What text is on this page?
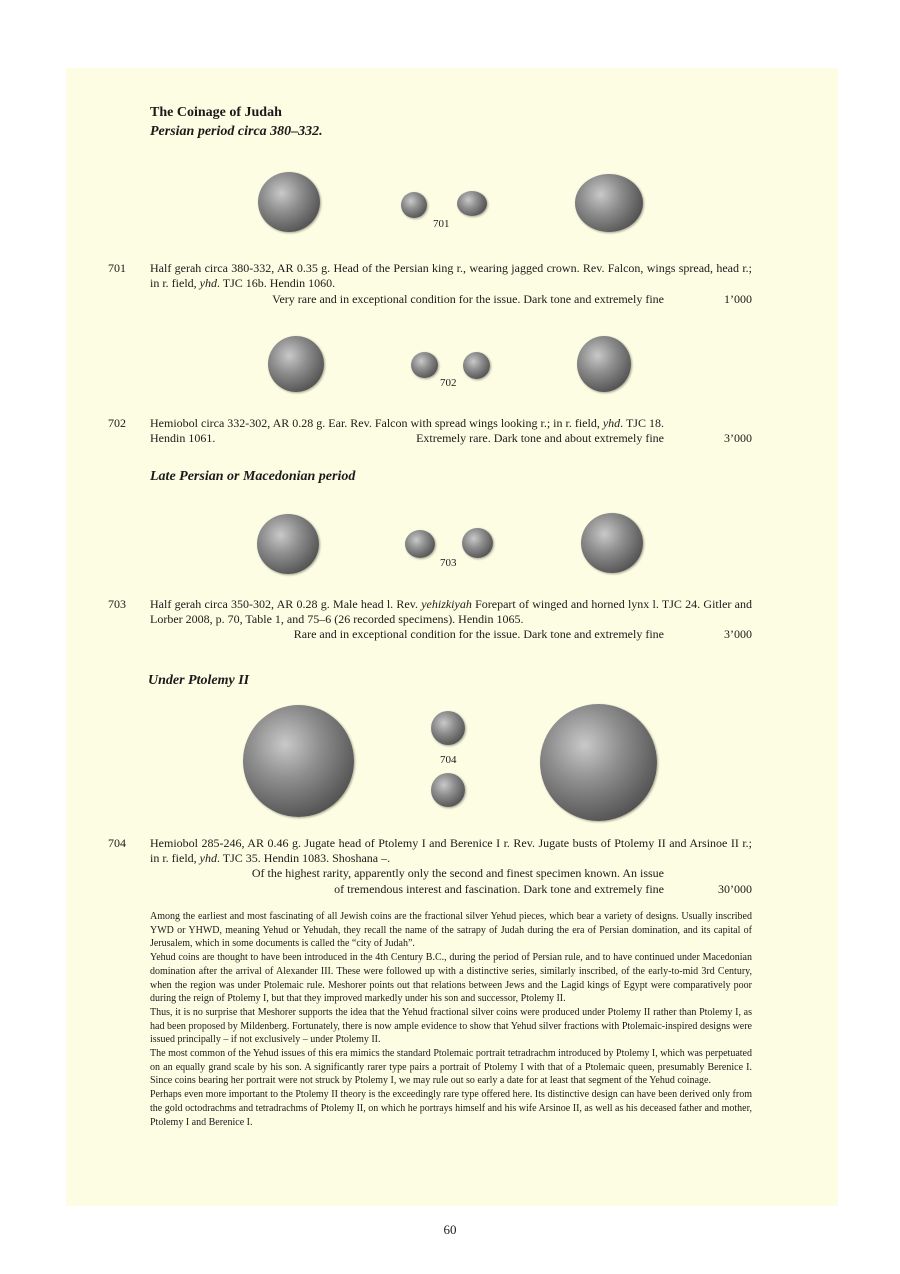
The Coinage of Judah
Persian period circa 380–332.
701
701 Half gerah circa 380-332, AR 0.35 g. Head of the Persian king r., wearing jagged crown. Rev. Falcon, wings spread, head r.; in r. field, yhd. TJC 16b. Hendin 1060.
Very rare and in exceptional condition for the issue. Dark tone and extremely fine	1’000
702
702 Hemiobol circa 332-302, AR 0.28 g. Ear. Rev. Falcon with spread wings looking r.; in r. field, yhd. TJC 18.
Hendin 1061.	Extremely rare. Dark tone and about extremely fine	3’000
Late Persian or Macedonian period
703
703 Half gerah circa 350-302, AR 0.28 g. Male head l. Rev. yehizkiyah Forepart of winged and horned lynx l. TJC 24. Gitler and Lorber 2008, p. 70, Table 1, and 75–6 (26 recorded specimens). Hendin 1065.
Rare and in exceptional condition for the issue. Dark tone and extremely fine	3’000
Under Ptolemy II
704
704 Hemiobol 285-246, AR 0.46 g. Jugate head of Ptolemy I and Berenice I r. Rev. Jugate busts of Ptolemy II and Arsinoe II r.; in r. field, yhd. TJC 35. Hendin 1083. Shoshana –.
Of the highest rarity, apparently only the second and finest specimen known. An issue
of tremendous interest and fascination. Dark tone and extremely fine	30’000

Among the earliest and most fascinating of all Jewish coins are the fractional silver Yehud pieces, which bear a variety of designs. Usually inscribed YWD or YHWD, meaning Yehud or Yehudah, they recall the name of the satrapy of Judah during the era of Persian domination, and its capital of Jerusalem, which in some documents is called the “city of Judah”.

Yehud coins are thought to have been introduced in the 4th Century B.C., during the period of Persian rule, and to have continued under Macedonian domination after the arrival of Alexander III. These were followed up with a distinctive series, similarly inscribed, of the early-to-mid 3rd Century, when the region was under Ptolemaic rule. Meshorer points out that relations between Jews and the Lagid kings of Egypt were comparatively poor during the reign of Ptolemy I, but that they improved markedly under his son and successor, Ptolemy II.

Thus, it is no surprise that Meshorer supports the idea that the Yehud fractional silver coins were produced under Ptolemy II rather than Ptolemy I, as had been proposed by Mildenberg. Fortunately, there is now ample evidence to show that Yehud silver fractions with Ptolemaic-inspired designs were issued principally – if not exclusively – under Ptolemy II.

The most common of the Yehud issues of this era mimics the standard Ptolemaic portrait tetradrachm introduced by Ptolemy I, which was perpetuated on an equally grand scale by his son. A significantly rarer type pairs a portrait of Ptolemy I with that of a Ptolemaic queen, presumably Berenice I. Since coins bearing her portrait were not struck by Ptolemy I, we may rule out so early a date for at least that segment of the Yehud coinage.

Perhaps even more important to the Ptolemy II theory is the exceedingly rare type offered here. Its distinctive design can have been derived only from the gold octodrachms and tetradrachms of Ptolemy II, on which he portrays himself and his wife Arsinoe II, as well as his deceased father and mother, Ptolemy I and Berenice I.

60
